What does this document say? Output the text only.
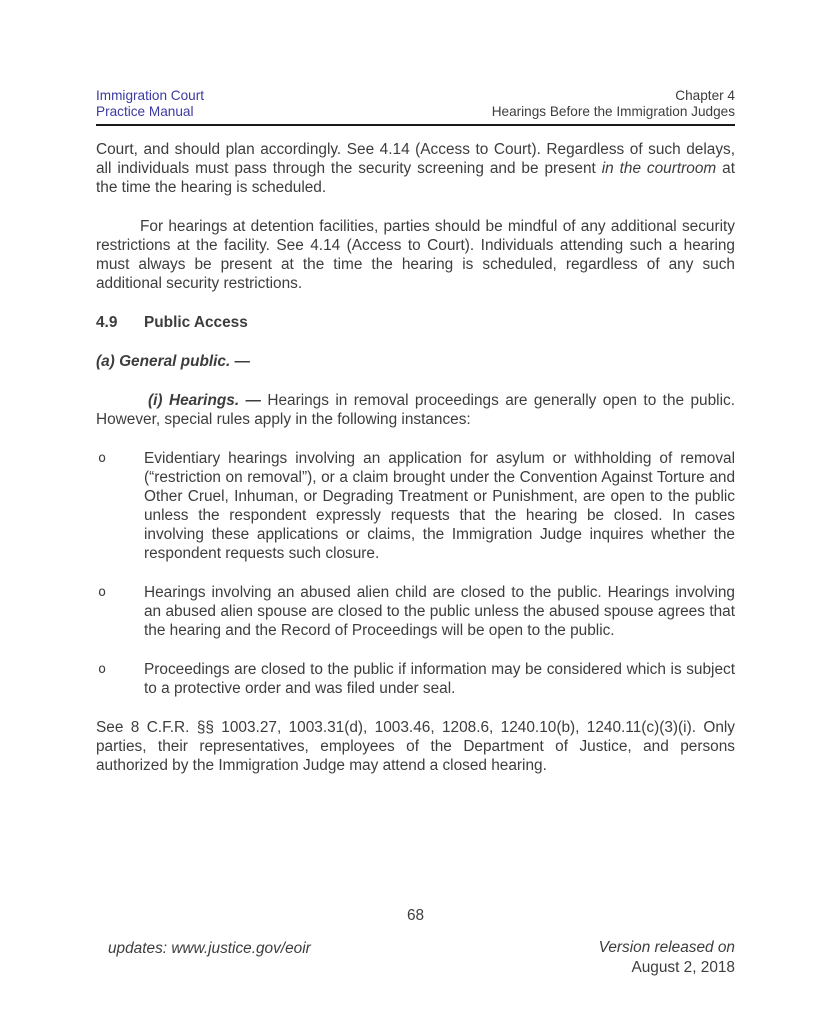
Immigration Court
Practice Manual
Chapter 4
Hearings Before the Immigration Judges

Court, and should plan accordingly. See 4.14 (Access to Court). Regardless of such delays, all individuals must pass through the security screening and be present in the courtroom at the time the hearing is scheduled.

For hearings at detention facilities, parties should be mindful of any additional security restrictions at the facility. See 4.14 (Access to Court). Individuals attending such a hearing must always be present at the time the hearing is scheduled, regardless of any such additional security restrictions.

4.9 Public Access

(a) General public. —

(i) Hearings. — Hearings in removal proceedings are generally open to the public. However, special rules apply in the following instances:

o Evidentiary hearings involving an application for asylum or withholding of removal (“restriction on removal”), or a claim brought under the Convention Against Torture and Other Cruel, Inhuman, or Degrading Treatment or Punishment, are open to the public unless the respondent expressly requests that the hearing be closed. In cases involving these applications or claims, the Immigration Judge inquires whether the respondent requests such closure.
o Hearings involving an abused alien child are closed to the public. Hearings involving an abused alien spouse are closed to the public unless the abused spouse agrees that the hearing and the Record of Proceedings will be open to the public.
o Proceedings are closed to the public if information may be considered which is subject to a protective order and was filed under seal.

See 8 C.F.R. §§ 1003.27, 1003.31(d), 1003.46, 1208.6, 1240.10(b), 1240.11(c)(3)(i). Only parties, their representatives, employees of the Department of Justice, and persons authorized by the Immigration Judge may attend a closed hearing.

68
updates: www.justice.gov/eoir	Version released on
August 2, 2018
